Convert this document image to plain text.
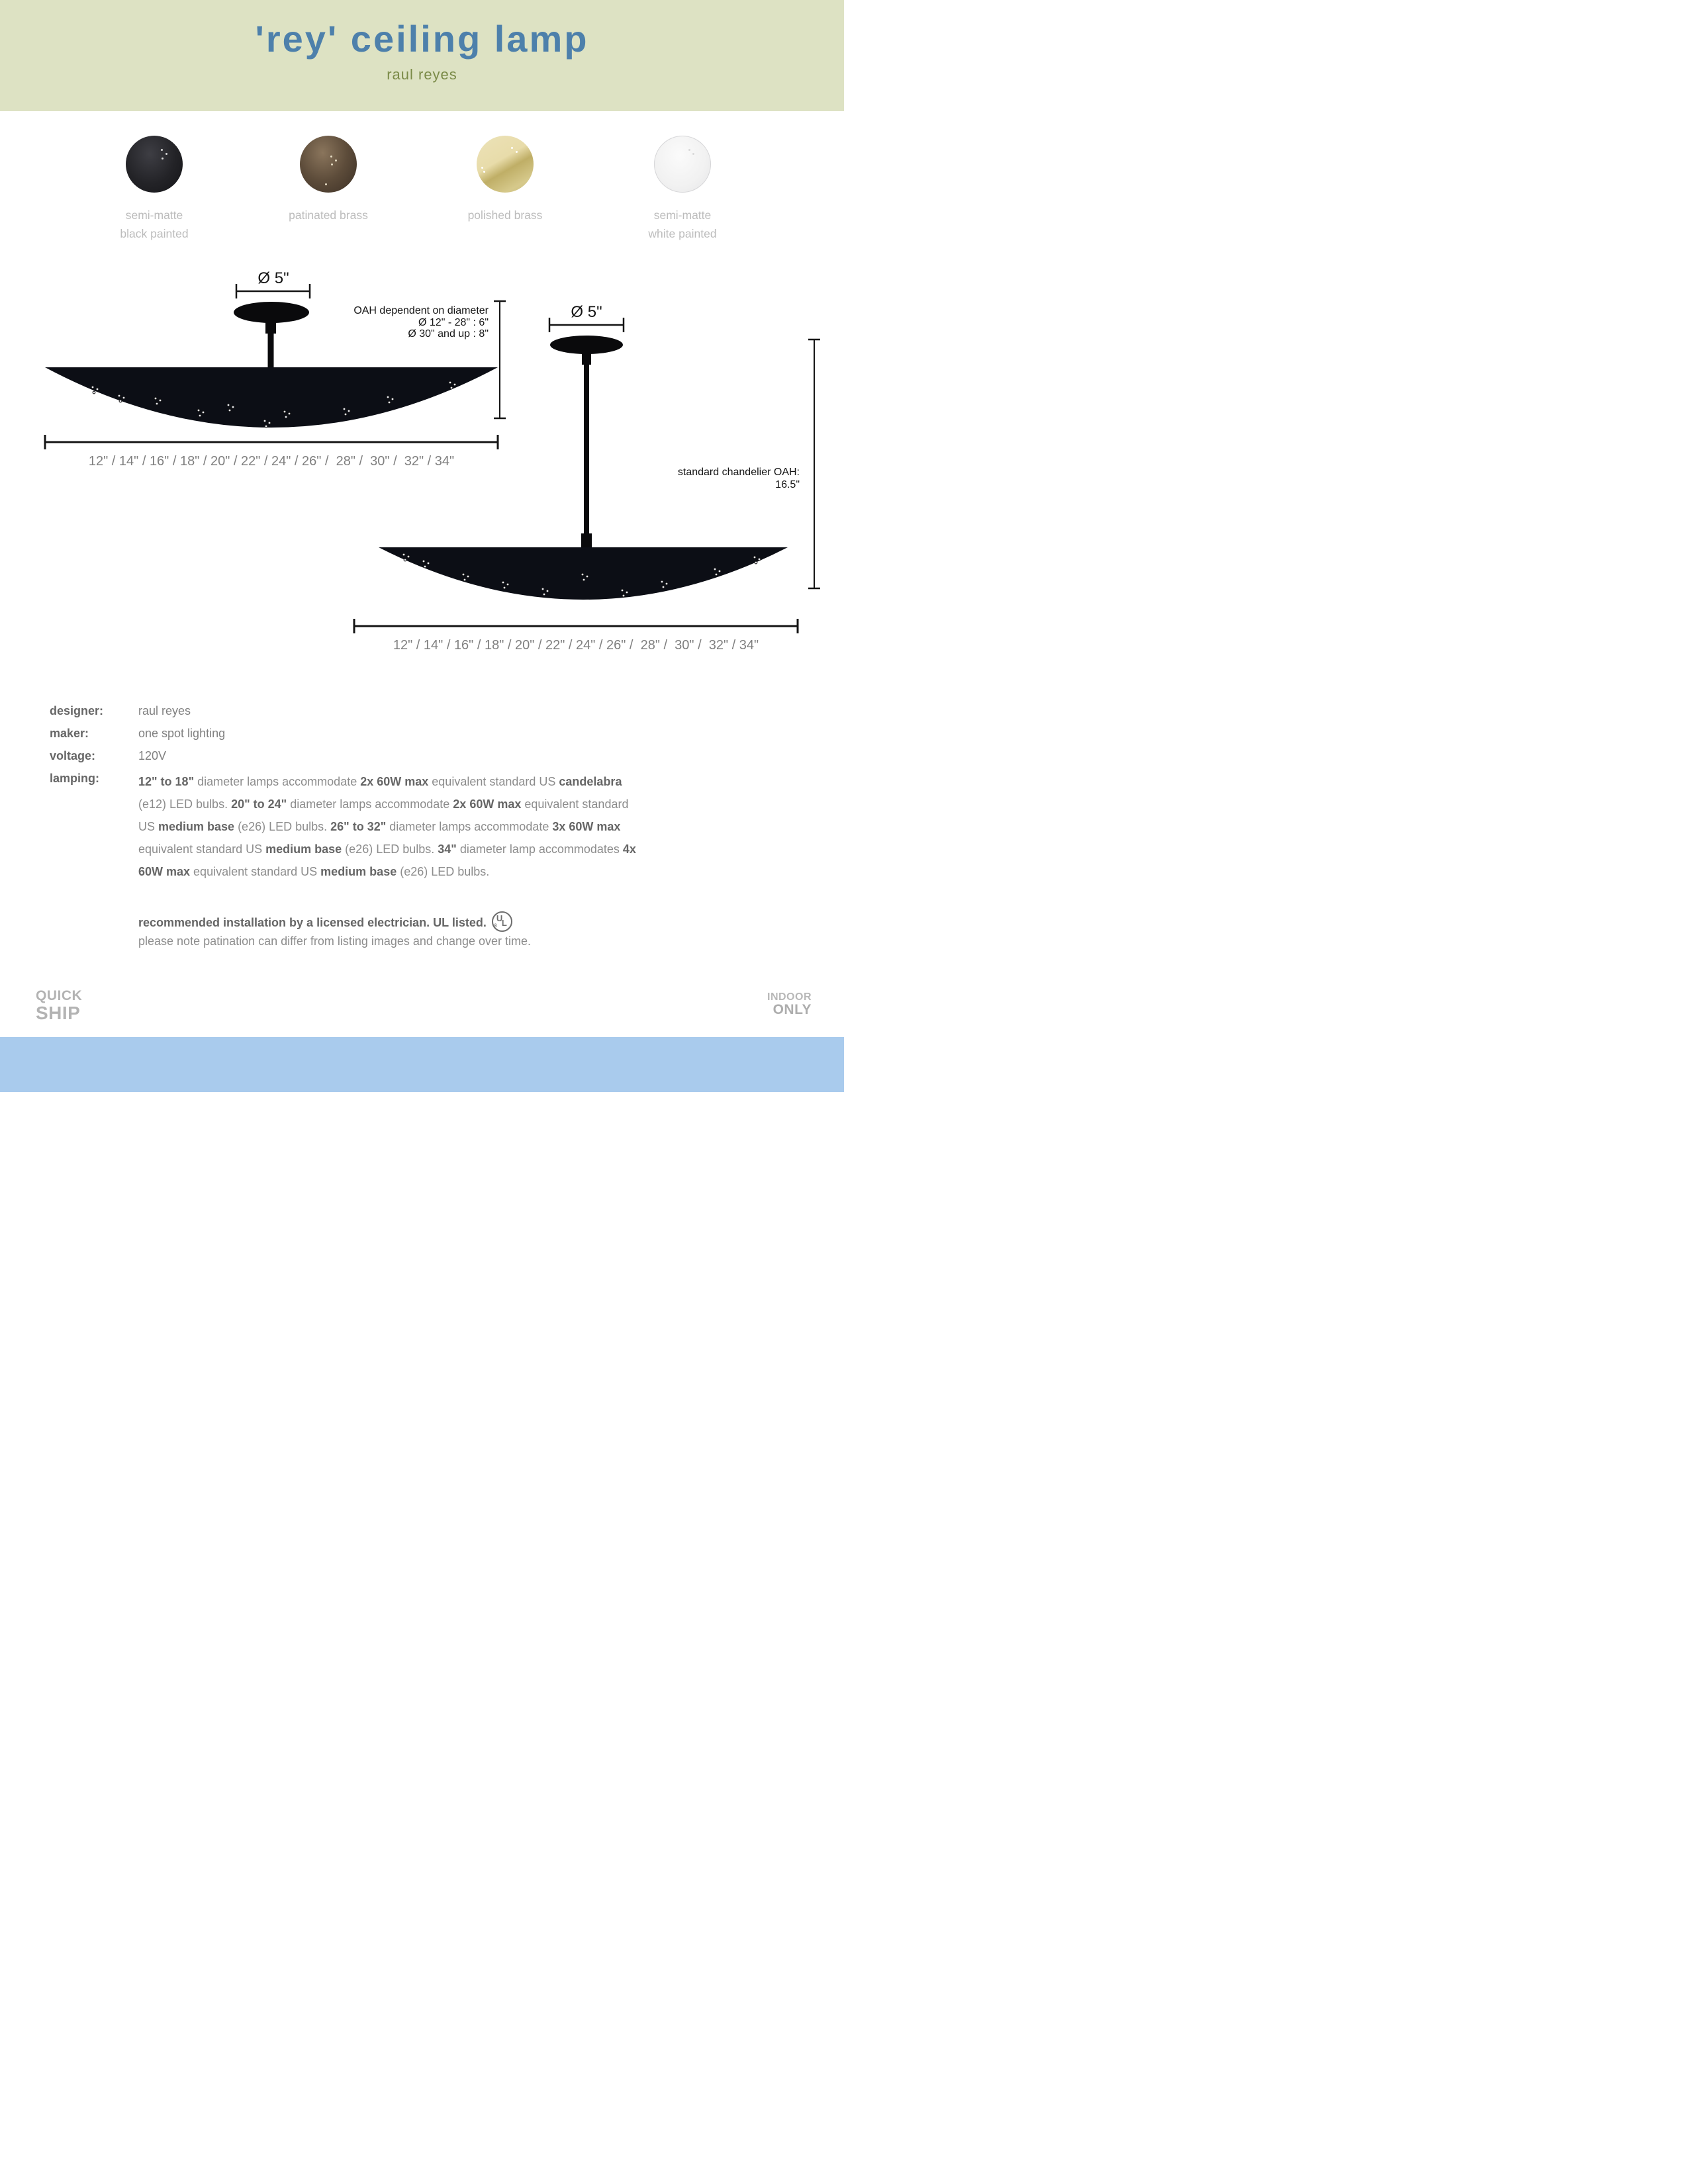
'rey' ceiling lamp
raul reyes
semi-matte
black painted
patinated brass	polished brass	semi-matte
white painted
Ø 5"
OAH dependent on diameter
Ø 12" - 28" : 6"
Ø 30" and up : 8"
12" / 14" / 16" / 18" / 20" / 22" / 24" / 26" /  28" /  30" /  32" / 34"
Ø 5"
standard chandelier OAH:
16.5"
12" / 14" / 16" / 18" / 20" / 22" / 24" / 26" /  28" /  30" /  32" / 34"
designer:	raul reyes
maker:	one spot lighting
voltage:	120V
lamping:	12" to 18" diameter lamps accommodate 2x 60W max equivalent standard US candelabra
(e12) LED bulbs. 20" to 24" diameter lamps accommodate 2x 60W max equivalent standard
US medium base (e26) LED bulbs. 26" to 32" diameter lamps accommodate 3x 60W max
equivalent standard US medium base (e26) LED bulbs. 34" diameter lamp accommodates 4x
60W max equivalent standard US medium base (e26) LED bulbs.
recommended installation by a licensed electrician. UL listed. U
L
®
please note patination can differ from listing images and change over time.
QUICK
SHIP
INDOOR
ONLY
